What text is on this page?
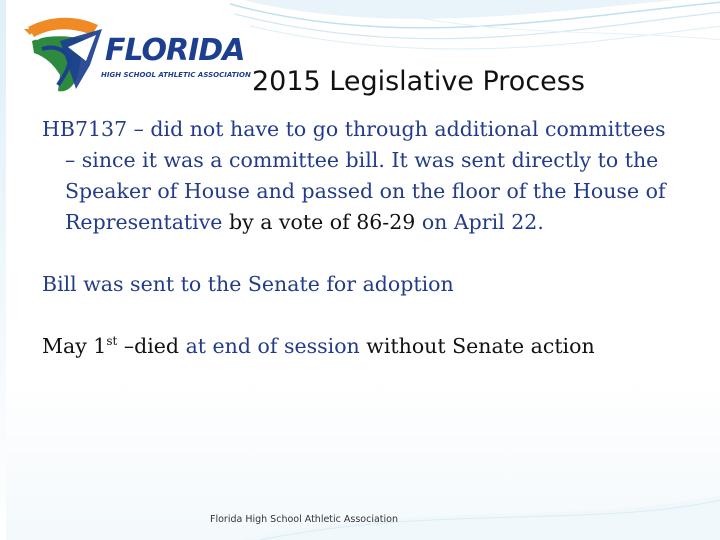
FLORIDA
HIGH SCHOOL ATHLETIC ASSOCIATION 2015 Legislative Process

HB7137 – did not have to go through additional committees – since it was a committee bill. It was sent directly to the Speaker of House and passed on the floor of the House of Representative by a vote of 86-29 on April 22.

Bill was sent to the Senate for adoption

May 1st –died at end of session without Senate action

Florida High School Athletic Association
